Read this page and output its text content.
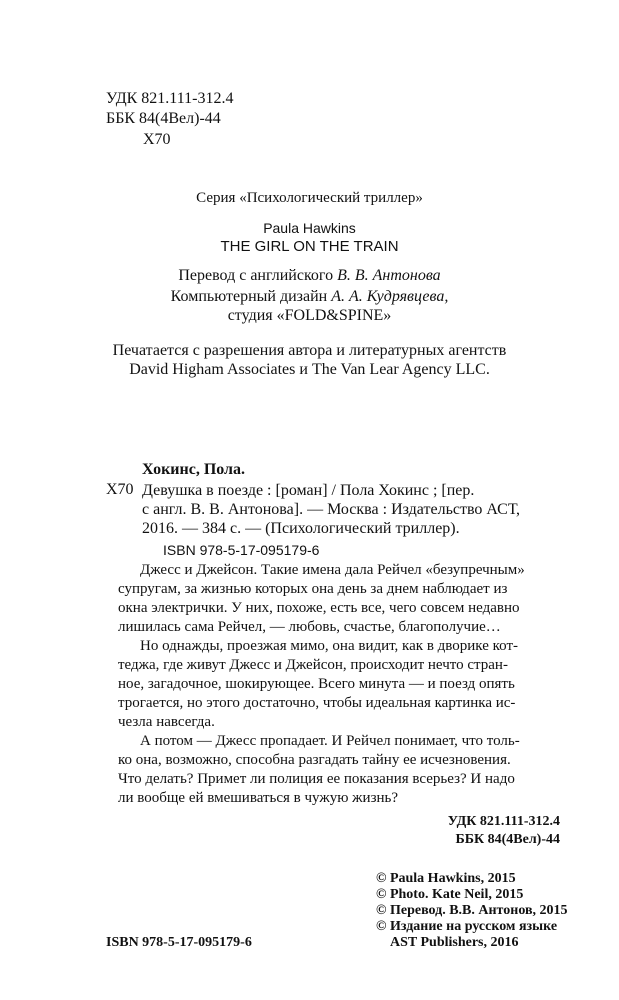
УДК 821.111-312.4
ББК 84(4Вел)-44
Х70
Серия «Психологический триллер»
Paula Hawkins
THE GIRL ON THE TRAIN
Перевод с английского В. В. Антонова
Компьютерный дизайн А. А. Кудрявцева,
студия «FOLD&SPINE»
Печатается с разрешения автора и литературных агентств
David Higham Associates и The Van Lear Agency LLC.
Хокинс, Пола.
Х70 Девушка в поезде : [роман] / Пола Хокинс ; [пер.
с англ. В. В. Антонова]. — Москва : Издательство АСТ,
2016. — 384 с. — (Психологический триллер).
ISBN 978-5-17-095179-6
Джесс и Джейсон. Такие имена дала Рейчел «безупречным»
супругам, за жизнью которых она день за днем наблюдает из
окна электрички. У них, похоже, есть все, чего совсем недавно
лишилась сама Рейчел, — любовь, счастье, благополучие…
Но однажды, проезжая мимо, она видит, как в дворике кот-
теджа, где живут Джесс и Джейсон, происходит нечто стран-
ное, загадочное, шокирующее. Всего минута — и поезд опять
трогается, но этого достаточно, чтобы идеальная картинка ис-
чезла навсегда.
А потом — Джесс пропадает. И Рейчел понимает, что толь-
ко она, возможно, способна разгадать тайну ее исчезновения.
Что делать? Примет ли полиция ее показания всерьез? И надо
ли вообще ей вмешиваться в чужую жизнь?
УДК 821.111-312.4
ББК 84(4Вел)-44
© Paula Hawkins, 2015
© Photo. Kate Neil, 2015
© Перевод. В.В. Антонов, 2015
© Издание на русском языке
AST Publishers, 2016
ISBN 978-5-17-095179-6
